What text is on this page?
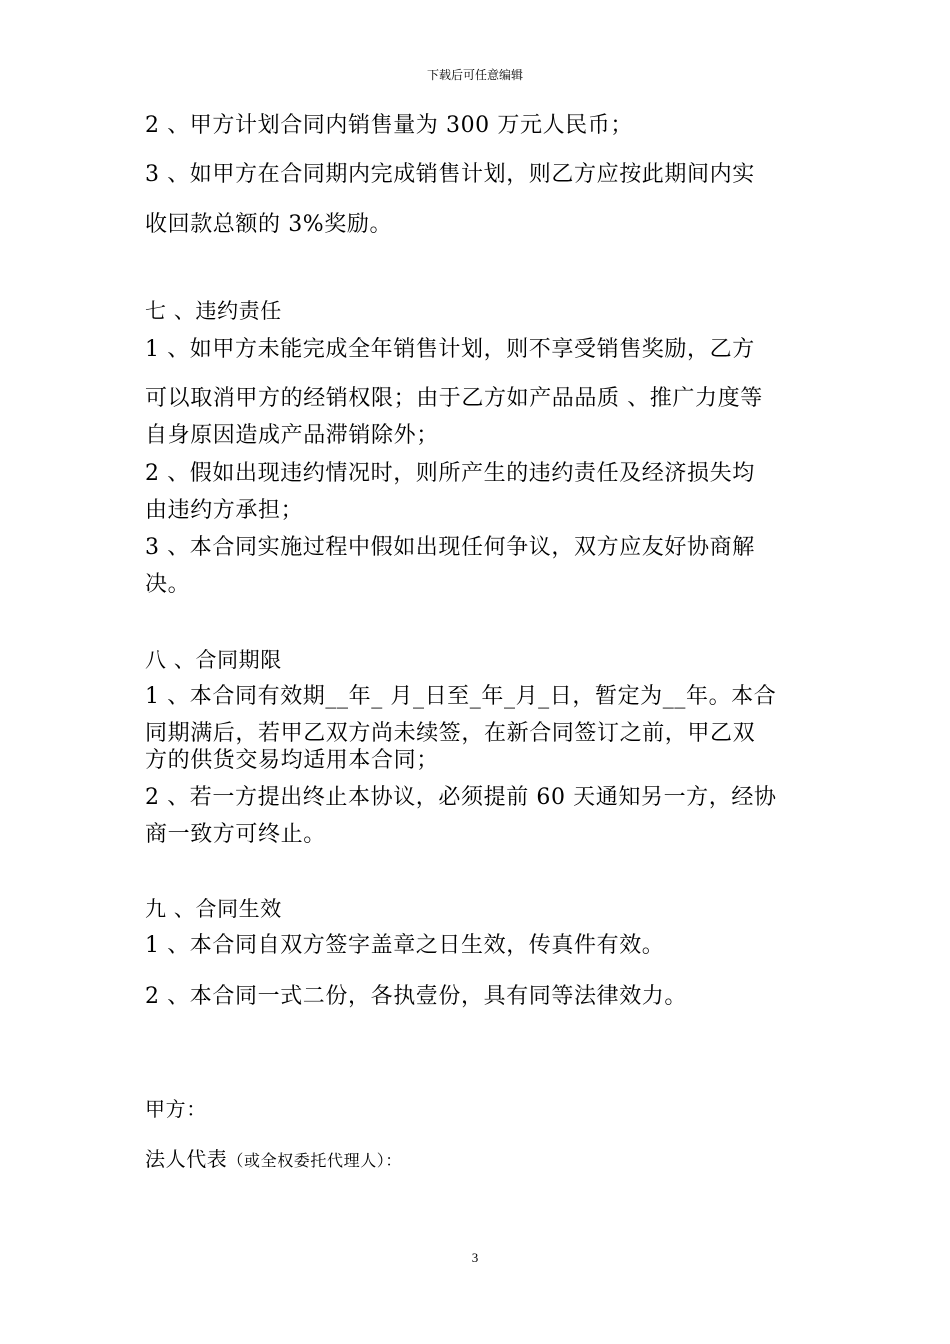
下载后可任意编辑
2 、甲方计划合同内销售量为 300 万元人民币；
3 、如甲方在合同期内完成销售计划，则乙方应按此期间内实
收回款总额的 3%奖励。
七 、违约责任
1 、如甲方未能完成全年销售计划，则不享受销售奖励，乙方
可以取消甲方的经销权限；由于乙方如产品品质 、推广力度等
自身原因造成产品滞销除外；
2 、假如出现违约情况时，则所产生的违约责任及经济损失均
由违约方承担；
3 、本合同实施过程中假如出现任何争议，双方应友好协商解
决。
八 、合同期限
1 、本合同有效期__年_ 月_日至_年_月_日，暂定为__年。本合
同期满后，若甲乙双方尚未续签，在新合同签订之前，甲乙双
方的供货交易均适用本合同；
2 、若一方提出终止本协议，必须提前 60 天通知另一方，经协
商一致方可终止。
九 、合同生效
1 、本合同自双方签字盖章之日生效，传真件有效。
2 、本合同一式二份，各执壹份，具有同等法律效力。
甲方：
法人代表（或全权委托代理人）：
3
